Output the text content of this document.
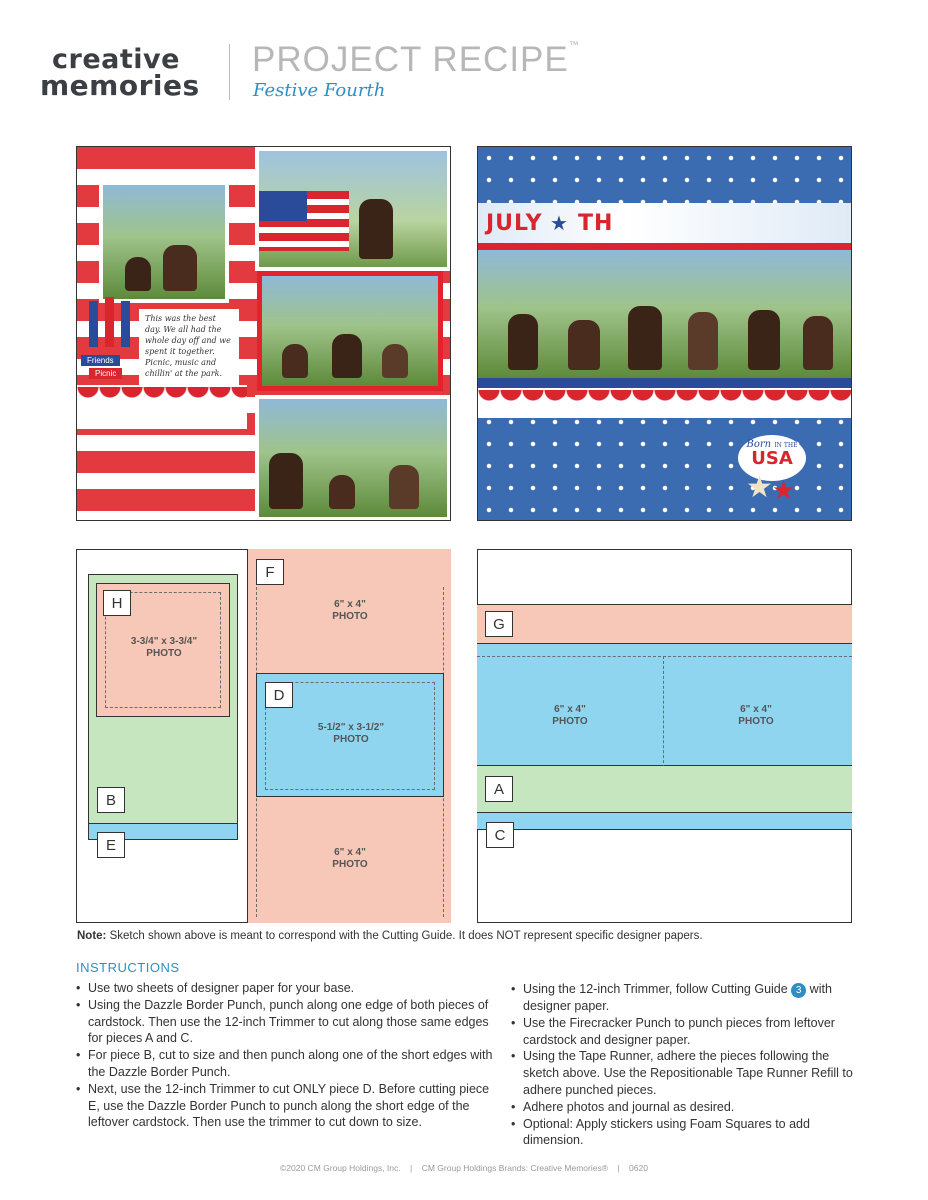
creative
memories
PROJECT RECIPE™
Festive Fourth
Friends
Picnic
This was the best day. We all had the whole day off and we spent it together. Picnic, music and chillin' at the park.
JULY ★ TH
Born IN THE
USA
★ ★
F
6" x 4"
PHOTO
D
5-1/2" x 3-1/2"
PHOTO
6" x 4"
PHOTO
H
3-3/4" x 3-3/4"
PHOTO
B
E
G
6" x 4"
PHOTO
6" x 4"
PHOTO
A
C
Note: Sketch shown above is meant to correspond with the Cutting Guide. It does NOT represent specific designer papers.
INSTRUCTIONS
• Use two sheets of designer paper for your base.
• Using the Dazzle Border Punch, punch along one edge of both pieces of cardstock. Then use the 12-inch Trimmer to cut along those same edges for pieces A and C.
• For piece B, cut to size and then punch along one of the short edges with the Dazzle Border Punch.
• Next, use the 12-inch Trimmer to cut ONLY piece D. Before cutting piece E, use the Dazzle Border Punch to punch along the short edge of the leftover cardstock. Then use the trimmer to cut down to size.
• Using the 12-inch Trimmer, follow Cutting Guide 3 with designer paper.
• Use the Firecracker Punch to punch pieces from leftover cardstock and designer paper.
• Using the Tape Runner, adhere the pieces following the sketch above. Use the Repositionable Tape Runner Refill to adhere punched pieces.
• Adhere photos and journal as desired.
• Optional: Apply stickers using Foam Squares to add dimension.
©2020 CM Group Holdings, Inc.    |    CM Group Holdings Brands: Creative Memories®    |    0620
